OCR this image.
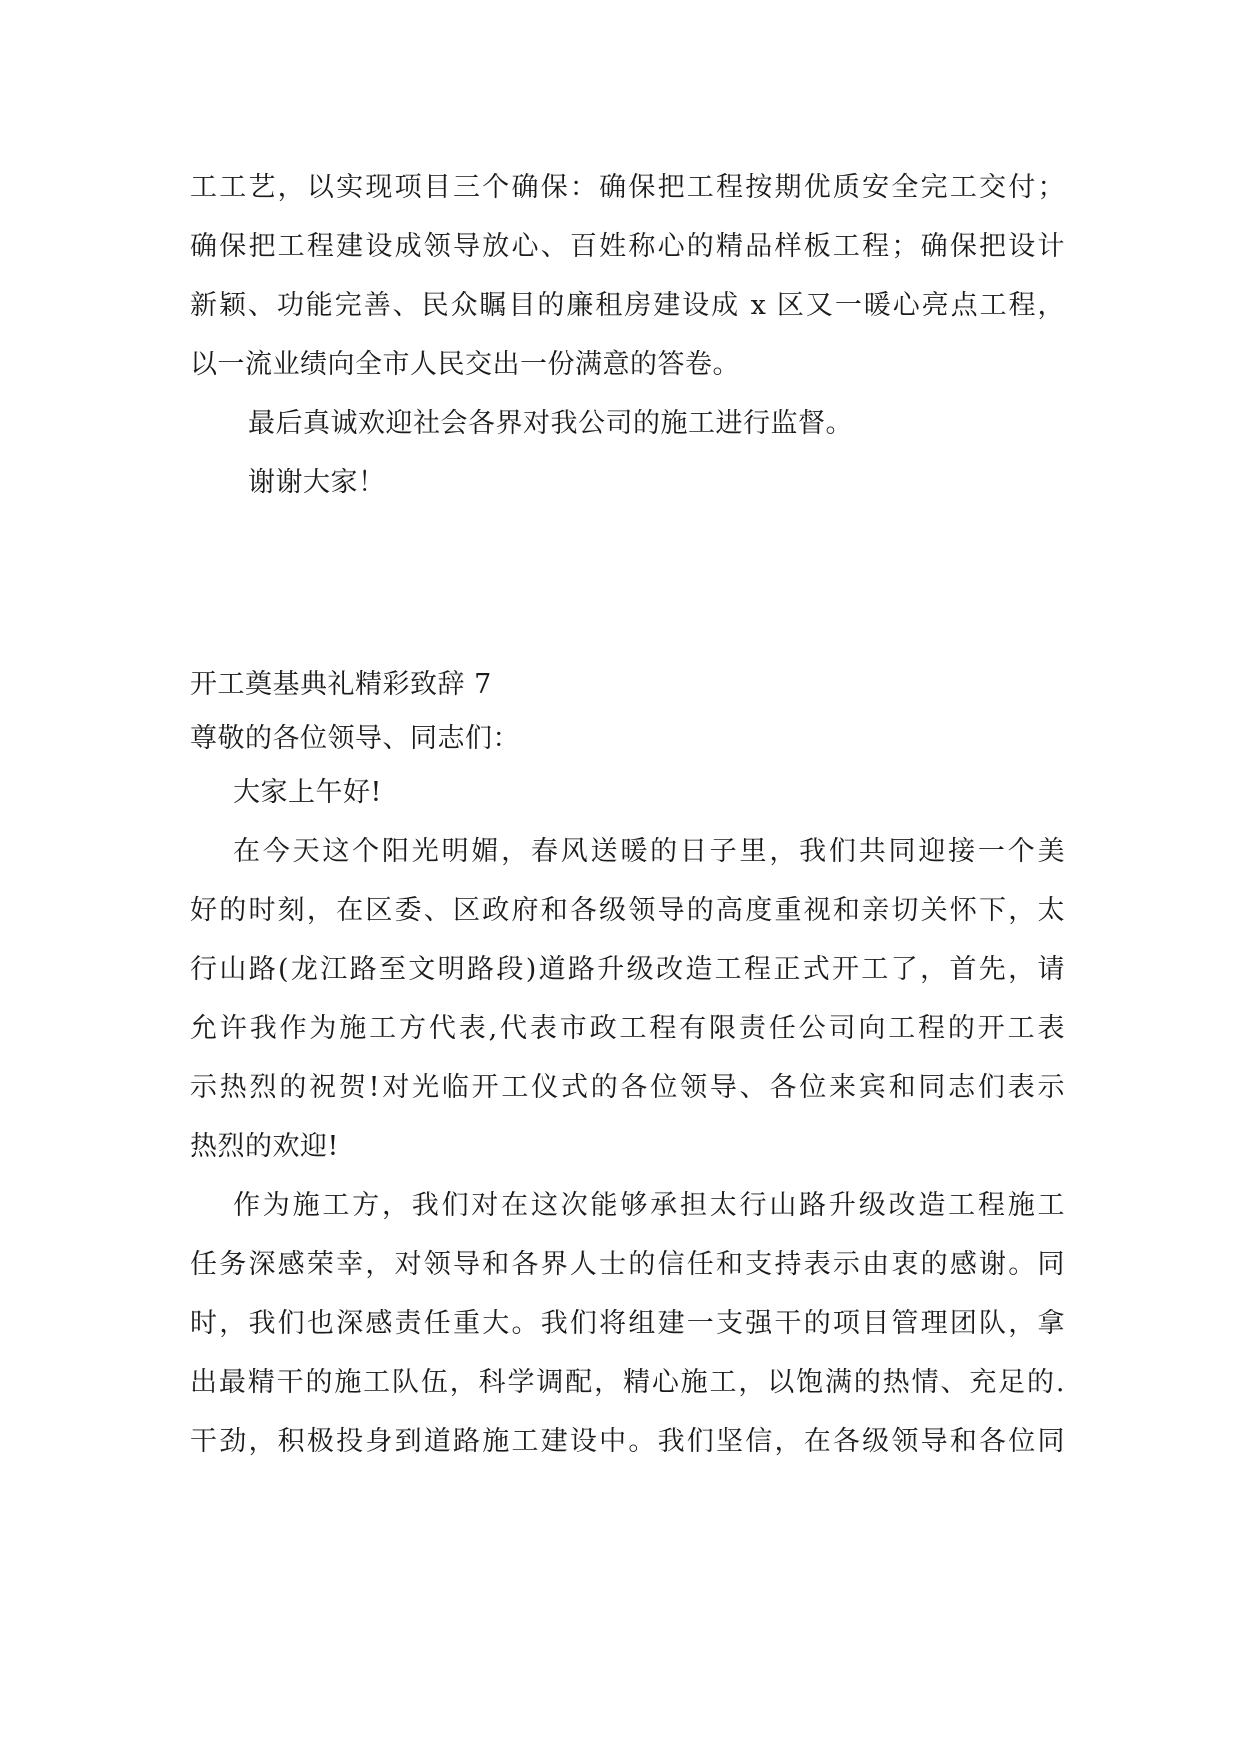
工工艺，以实现项目三个确保：确保把工程按期优质安全完工交付；

确保把工程建设成领导放心、百姓称心的精品样板工程；确保把设计

新颖、功能完善、民众瞩目的廉租房建设成 x 区又一暖心亮点工程，

以一流业绩向全市人民交出一份满意的答卷。

最后真诚欢迎社会各界对我公司的施工进行监督。

谢谢大家！

开工奠基典礼精彩致辞 7

尊敬的各位领导、同志们：

大家上午好!

在今天这个阳光明媚，春风送暖的日子里，我们共同迎接一个美

好的时刻，在区委、区政府和各级领导的高度重视和亲切关怀下，太

行山路(龙江路至文明路段)道路升级改造工程正式开工了，首先，请

允许我作为施工方代表,代表市政工程有限责任公司向工程的开工表

示热烈的祝贺!对光临开工仪式的各位领导、各位来宾和同志们表示

热烈的欢迎!

作为施工方，我们对在这次能够承担太行山路升级改造工程施工

任务深感荣幸，对领导和各界人士的信任和支持表示由衷的感谢。同

时，我们也深感责任重大。我们将组建一支强干的项目管理团队，拿

出最精干的施工队伍，科学调配，精心施工，以饱满的热情、充足的.

干劲，积极投身到道路施工建设中。我们坚信，在各级领导和各位同
